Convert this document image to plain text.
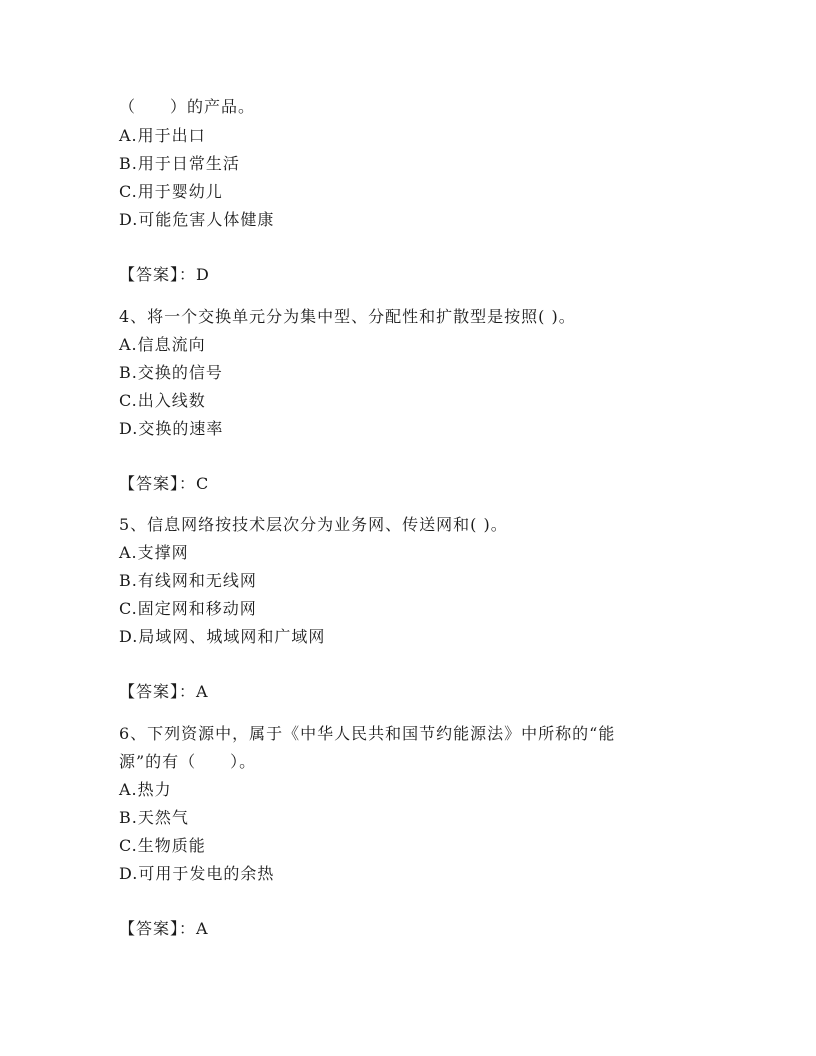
（　　）的产品。
A.用于出口
B.用于日常生活
C.用于婴幼儿
D.可能危害人体健康
【答案】：D
4、将一个交换单元分为集中型、分配性和扩散型是按照( )。
A.信息流向
B.交换的信号
C.出入线数
D.交换的速率
【答案】：C
5、信息网络按技术层次分为业务网、传送网和( )。
A.支撑网
B.有线网和无线网
C.固定网和移动网
D.局域网、城域网和广域网
【答案】：A
6、下列资源中，属于《中华人民共和国节约能源法》中所称的“能
源”的有（　　）。
A.热力
B.天然气
C.生物质能
D.可用于发电的余热
【答案】：A
